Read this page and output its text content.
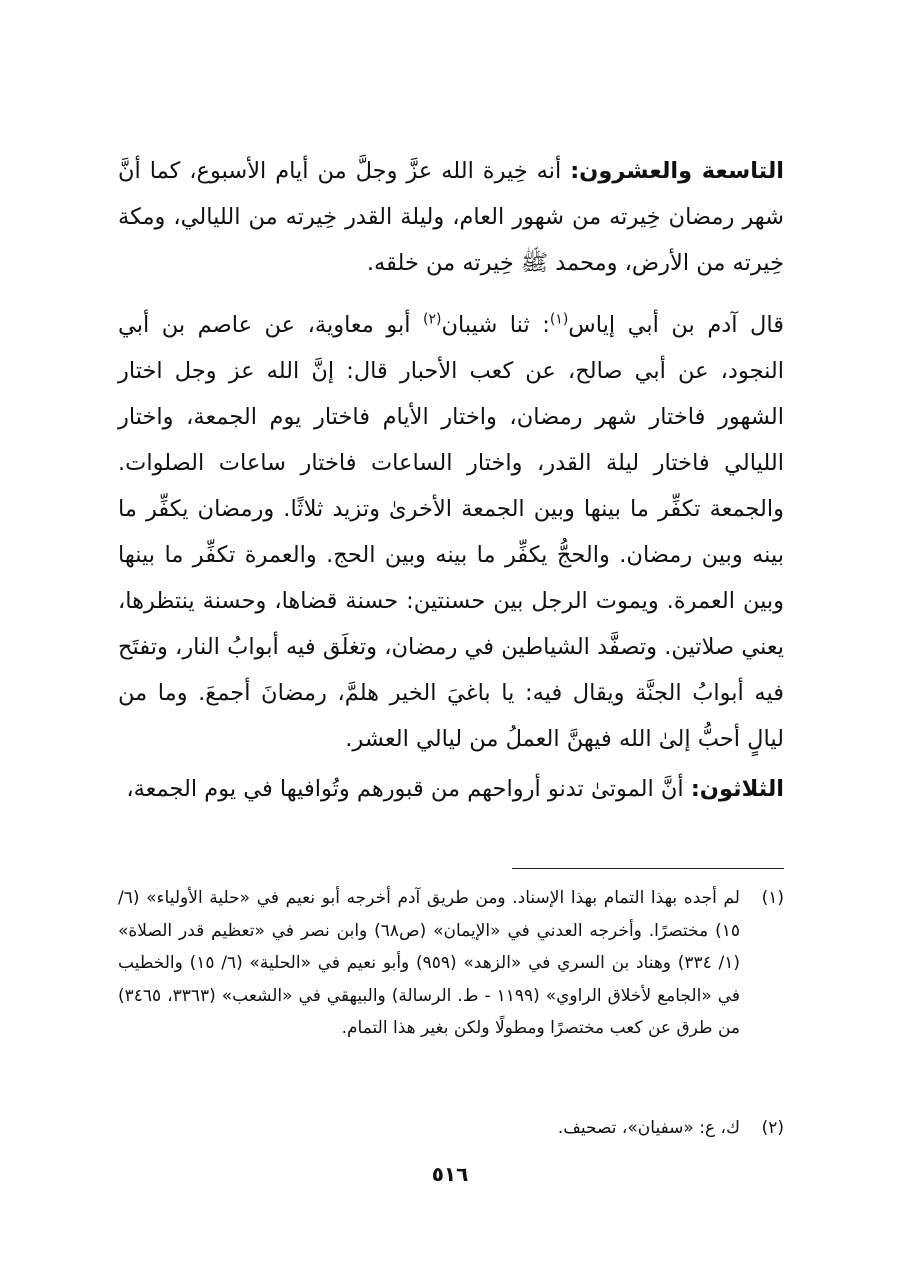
التاسعة والعشرون: أنه خِيرة الله عزَّ وجلَّ من أيام الأسبوع، كما أنَّ شهر رمضان خِيرته من شهور العام، وليلة القدر خِيرته من الليالي، ومكة خِيرته من الأرض، ومحمد ﷺ خِيرته من خلقه.

قال آدم بن أبي إياس$^{(١)}$: ثنا شيبان$^{(٢)}$ أبو معاوية، عن عاصم بن أبي النجود، عن أبي صالح، عن كعب الأحبار قال: إنَّ الله عز وجل اختار الشهور فاختار شهر رمضان، واختار الأيام فاختار يوم الجمعة، واختار الليالي فاختار ليلة القدر، واختار الساعات فاختار ساعات الصلوات. والجمعة تكفِّر ما بينها وبين الجمعة الأخرىٰ وتزيد ثلاثًا. ورمضان يكفِّر ما بينه وبين رمضان. والحجُّ يكفِّر ما بينه وبين الحج. والعمرة تكفِّر ما بينها وبين العمرة. ويموت الرجل بين حسنتين: حسنة قضاها، وحسنة ينتظرها، يعني صلاتين. وتصفَّد الشياطين في رمضان، وتغلَق فيه أبوابُ النار، وتفتَح فيه أبوابُ الجنَّة ويقال فيه: يا باغيَ الخير هلمَّ، رمضانَ أجمعَ. وما من ليالٍ أحبُّ إلىٰ الله فيهنَّ العملُ من ليالي العشر.

الثلاثون: أنَّ الموتىٰ تدنو أرواحهم من قبورهم وتُوافيها في يوم الجمعة،

(١)
لم أجده بهذا التمام بهذا الإسناد. ومن طريق آدم أخرجه أبو نعيم في «حلية الأولياء» (٦/ ١٥) مختصرًا. وأخرجه العدني في «الإيمان» (ص٦٨) وابن نصر في «تعظيم قدر الصلاة» (١/ ٣٣٤) وهناد بن السري في «الزهد» (٩٥٩) وأبو نعيم في «الحلية» (٦/ ١٥) والخطيب في «الجامع لأخلاق الراوي» (١١٩٩ - ط. الرسالة) والبيهقي في «الشعب» (٣٣٦٣، ٣٤٦٥) من طرق عن كعب مختصرًا ومطولًا ولكن بغير هذا التمام.

(٢)
ك، ع: «سفيان»، تصحيف.

٥١٦
